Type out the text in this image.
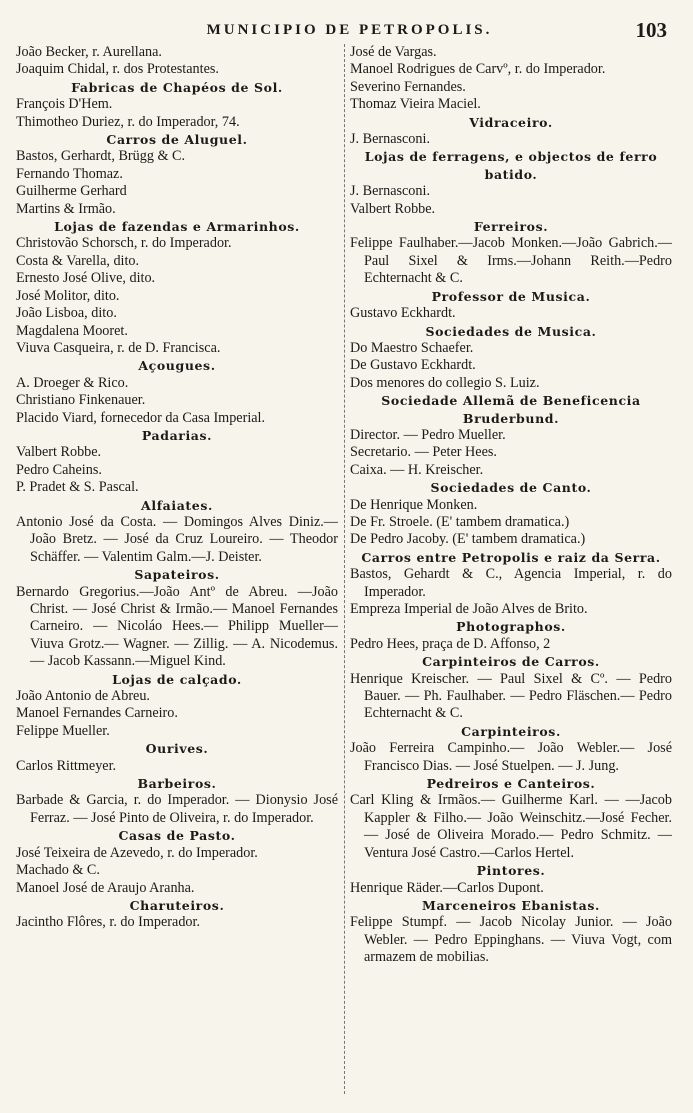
MUNICIPIO DE PETROPOLIS.	103
João Becker, r. Aurellana.
Joaquim Chidal, r. dos Protestantes.
Fabricas de Chapéos de Sol.
François D'Hem.
Thimotheo Duriez, r. do Imperador, 74.
Carros de Aluguel.
Bastos, Gerhardt, Brügg & C.
Fernando Thomaz.
Guilherme Gerhard
Martins & Irmão.
Lojas de fazendas e Armarinhos.
Christovão Schorsch, r. do Imperador.
Costa & Varella, dito.
Ernesto José Olive, dito.
José Molitor, dito.
João Lisboa, dito.
Magdalena Mooret.
Viuva Casqueira, r. de D. Francisca.
Açougues.
A. Droeger & Rico.
Christiano Finkenauer.
Placido Viard, fornecedor da Casa Imperial.
Padarias.
Valbert Robbe.
Pedro Caheins.
P. Pradet & S. Pascal.
Alfaiates.
Antonio José da Costa. — Domingos Alves Diniz.— João Bretz. — José da Cruz Loureiro. — Theodor Schäffer. — Valentim Galm.—J. Deister.
Sapateiros.
Bernardo Gregorius.—João Antº de Abreu. —João Christ. — José Christ & Irmão.— Manoel Fernandes Carneiro. — Nicoláo Hees.— Philipp Mueller—Viuva Grotz.— Wagner. — Zillig. — A. Nicodemus. — Jacob Kassann.—Miguel Kind.
Lojas de calçado.
João Antonio de Abreu.
Manoel Fernandes Carneiro.
Felippe Mueller.
Ourives.
Carlos Rittmeyer.
Barbeiros.
Barbade & Garcia, r. do Imperador. — Dionysio José Ferraz. — José Pinto de Oliveira, r. do Imperador.
Casas de Pasto.
José Teixeira de Azevedo, r. do Imperador.
Machado & C.
Manoel José de Araujo Aranha.
Charuteiros.
Jacintho Flôres, r. do Imperador.
José de Vargas.
Manoel Rodrigues de Carvº, r. do Imperador.
Severino Fernandes.
Thomaz Vieira Maciel.
Vidraceiro.
J. Bernasconi.
Lojas de ferragens, e objectos de ferro
batido.
J. Bernasconi.
Valbert Robbe.
Ferreiros.
Felippe Faulhaber.—Jacob Monken.—João Gabrich.— Paul Sixel & Irms.—Johann Reith.—Pedro Echternacht & C.
Professor de Musica.
Gustavo Eckhardt.
Sociedades de Musica.
Do Maestro Schaefer.
De Gustavo Eckhardt.
Dos menores do collegio S. Luiz.
Sociedade Allemã de Beneficencia
Bruderbund.
Director. — Pedro Mueller.
Secretario. — Peter Hees.
Caixa. — H. Kreischer.
Sociedades de Canto.
De Henrique Monken.
De Fr. Stroele. (E' tambem dramatica.)
De Pedro Jacoby. (E' tambem dramatica.)
Carros entre Petropolis e raiz da Serra.
Bastos, Gehardt & C., Agencia Imperial, r. do Imperador.
Empreza Imperial de João Alves de Brito.
Photographos.
Pedro Hees, praça de D. Affonso, 2
Carpinteiros de Carros.
Henrique Kreischer. — Paul Sixel & Cº. — Pedro Bauer. — Ph. Faulhaber. — Pedro Fläschen.— Pedro Echternacht & C.
Carpinteiros.
João Ferreira Campinho.— João Webler.— José Francisco Dias. — José Stuelpen. — J. Jung.
Pedreiros e Canteiros.
Carl Kling & Irmãos.— Guilherme Karl. — —Jacob Kappler & Filho.— João Weinschitz.—José Fecher. — José de Oliveira Morado.— Pedro Schmitz. — Ventura José Castro.—Carlos Hertel.
Pintores.
Henrique Räder.—Carlos Dupont.
Marceneiros Ebanistas.
Felippe Stumpf. — Jacob Nicolay Junior. — João Webler. — Pedro Eppinghans. — Viuva Vogt, com armazem de mobilias.
